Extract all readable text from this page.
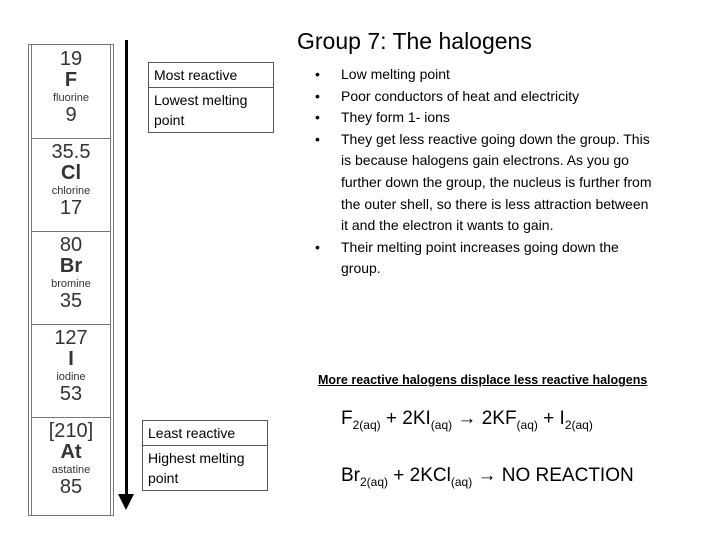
Group 7: The halogens
19
F
fluorine
9
35.5
Cl
chlorine
17
80
Br
bromine
35
127
I
iodine
53
[210]
At
astatine
85
Most reactive
Lowest melting point
Least reactive
Highest melting point
• Low melting point
• Poor conductors of heat and electricity
• They form 1- ions
• They get less reactive going down the group. This is because halogens gain electrons. As you go further down the group, the nucleus is further from the outer shell, so there is less attraction between it and the electron it wants to gain.
• Their melting point increases going down the group.
More reactive halogens displace less reactive halogens
$F_{2(aq)} + 2KI_{(aq)} \to 2KF_{(aq)} + I_{2(aq)}$
$Br_{2(aq)} + 2KCl_{(aq)}$ → NO REACTION
